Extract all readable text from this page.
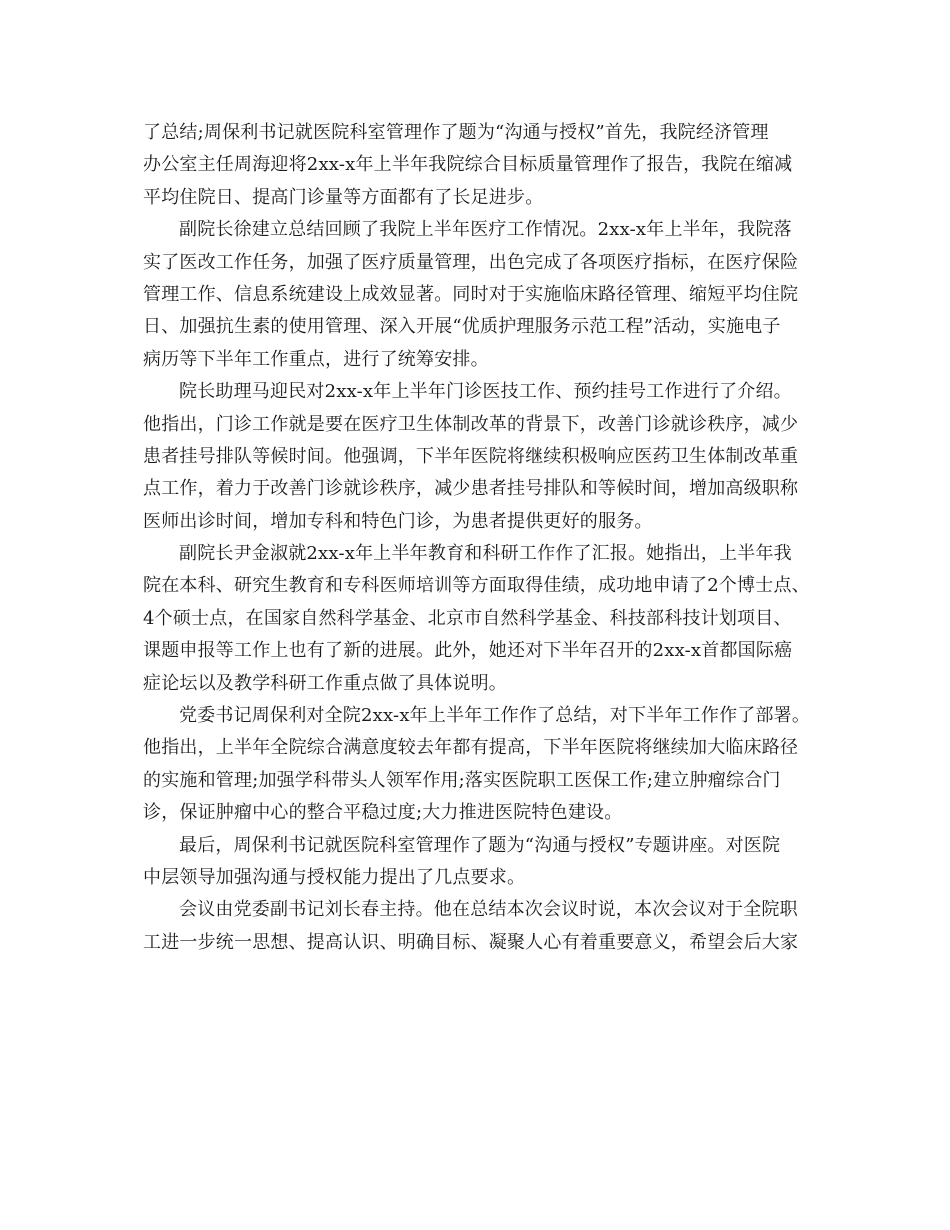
了总结;周保利书记就医院科室管理作了题为“沟通与授权”首先，我院经济管理
办公室主任周海迎将2xx-x年上半年我院综合目标质量管理作了报告，我院在缩减
平均住院日、提高门诊量等方面都有了长足进步。
副院长徐建立总结回顾了我院上半年医疗工作情况。2xx-x年上半年，我院落
实了医改工作任务，加强了医疗质量管理，出色完成了各项医疗指标，在医疗保险
管理工作、信息系统建设上成效显著。同时对于实施临床路径管理、缩短平均住院
日、加强抗生素的使用管理、深入开展“优质护理服务示范工程”活动，实施电子
病历等下半年工作重点，进行了统筹安排。
院长助理马迎民对2xx-x年上半年门诊医技工作、预约挂号工作进行了介绍。
他指出，门诊工作就是要在医疗卫生体制改革的背景下，改善门诊就诊秩序，减少
患者挂号排队等候时间。他强调，下半年医院将继续积极响应医药卫生体制改革重
点工作，着力于改善门诊就诊秩序，减少患者挂号排队和等候时间，增加高级职称
医师出诊时间，增加专科和特色门诊，为患者提供更好的服务。
副院长尹金淑就2xx-x年上半年教育和科研工作作了汇报。她指出，上半年我
院在本科、研究生教育和专科医师培训等方面取得佳绩，成功地申请了2个博士点、
4个硕士点，在国家自然科学基金、北京市自然科学基金、科技部科技计划项目、
课题申报等工作上也有了新的进展。此外，她还对下半年召开的2xx-x首都国际癌
症论坛以及教学科研工作重点做了具体说明。
党委书记周保利对全院2xx-x年上半年工作作了总结，对下半年工作作了部署。
他指出，上半年全院综合满意度较去年都有提高，下半年医院将继续加大临床路径
的实施和管理;加强学科带头人领军作用;落实医院职工医保工作;建立肿瘤综合门
诊，保证肿瘤中心的整合平稳过度;大力推进医院特色建设。
最后，周保利书记就医院科室管理作了题为“沟通与授权”专题讲座。对医院
中层领导加强沟通与授权能力提出了几点要求。
会议由党委副书记刘长春主持。他在总结本次会议时说，本次会议对于全院职
工进一步统一思想、提高认识、明确目标、凝聚人心有着重要意义，希望会后大家
